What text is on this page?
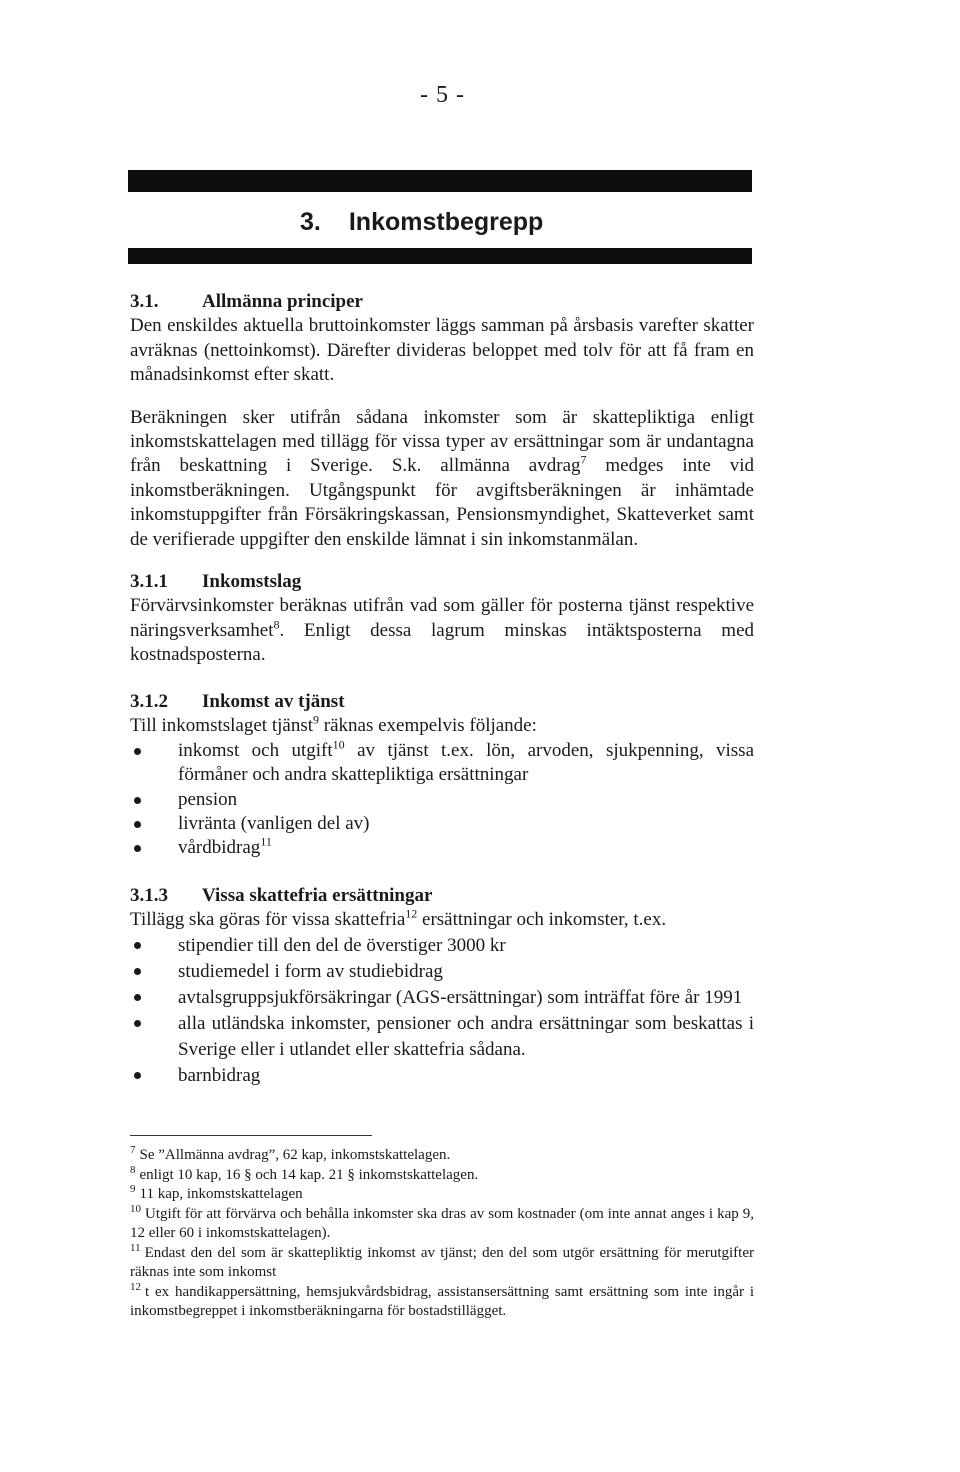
- 5 -
3. Inkomstbegrepp
3.1.	Allmänna principer

Den enskildes aktuella bruttoinkomster läggs samman på årsbasis varefter skatter avräknas (nettoinkomst). Därefter divideras beloppet med tolv för att få fram en månadsinkomst efter skatt.

Beräkningen sker utifrån sådana inkomster som är skattepliktiga enligt inkomstskattelagen med tillägg för vissa typer av ersättningar som är undantagna från beskattning i Sverige. S.k. allmänna avdrag$^7$ medges inte vid inkomstberäkningen. Utgångspunkt för avgiftsberäkningen är inhämtade inkomstuppgifter från Försäkringskassan, Pensionsmyndighet, Skatteverket samt de verifierade uppgifter den enskilde lämnat i sin inkomstanmälan.

3.1.1	Inkomstslag

Förvärvsinkomster beräknas utifrån vad som gäller för posterna tjänst respektive näringsverksamhet$^8$. Enligt dessa lagrum minskas intäktsposterna med kostnadsposterna.

3.1.2	Inkomst av tjänst

Till inkomstslaget tjänst$^9$ räknas exempelvis följande:

inkomst och utgift$^{10}$ av tjänst t.ex. lön, arvoden, sjukpenning, vissa förmåner och andra skattepliktiga ersättningar
pension
livränta (vanligen del av)
vårdbidrag$^{11}$
3.1.3	Vissa skattefria ersättningar

Tillägg ska göras för vissa skattefria$^{12}$ ersättningar och inkomster, t.ex.

stipendier till den del de överstiger 3000 kr
studiemedel i form av studiebidrag
avtalsgruppsjukförsäkringar (AGS-ersättningar) som inträffat före år 1991
alla utländska inkomster, pensioner och andra ersättningar som beskattas i Sverige eller i utlandet eller skattefria sådana.
barnbidrag

$^7$ Se ”Allmänna avdrag”, 62 kap, inkomstskattelagen.

$^8$ enligt 10 kap, 16 § och 14 kap. 21 § inkomstskattelagen.

$^9$ 11 kap, inkomstskattelagen

$^{10}$ Utgift för att förvärva och behålla inkomster ska dras av som kostnader (om inte annat anges i kap 9, 12 eller 60 i inkomstskattelagen).

$^{11}$ Endast den del som är skattepliktig inkomst av tjänst; den del som utgör ersättning för merutgifter räknas inte som inkomst

$^{12}$ t ex handikappersättning, hemsjukvårdsbidrag, assistansersättning samt ersättning som inte ingår i inkomstbegreppet i inkomstberäkningarna för bostadstillägget.
